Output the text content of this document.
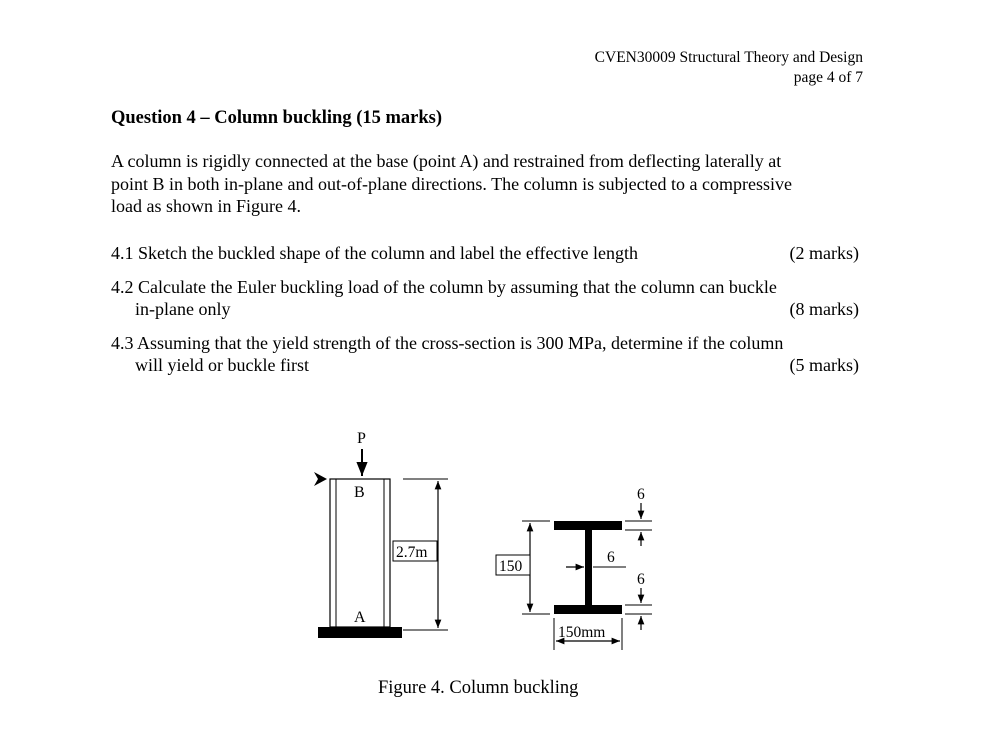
CVEN30009 Structural Theory and Design
page 4 of 7
Question 4 – Column buckling (15 marks)
A column is rigidly connected at the base (point A) and restrained from deflecting laterally at
point B in both in-plane and out-of-plane directions. The column is subjected to a compressive
load as shown in Figure 4.
4.1 Sketch the buckled shape of the column and label the effective length	(2 marks)
4.2 Calculate the Euler buckling load of the column by assuming that the column can buckle
in-plane only	(8 marks)
4.3 Assuming that the yield strength of the cross-section is 300 MPa, determine if the column
will yield or buckle first	(5 marks)
P
B
A
2.7m
150
150mm
6
6
6
Figure 4. Column buckling
